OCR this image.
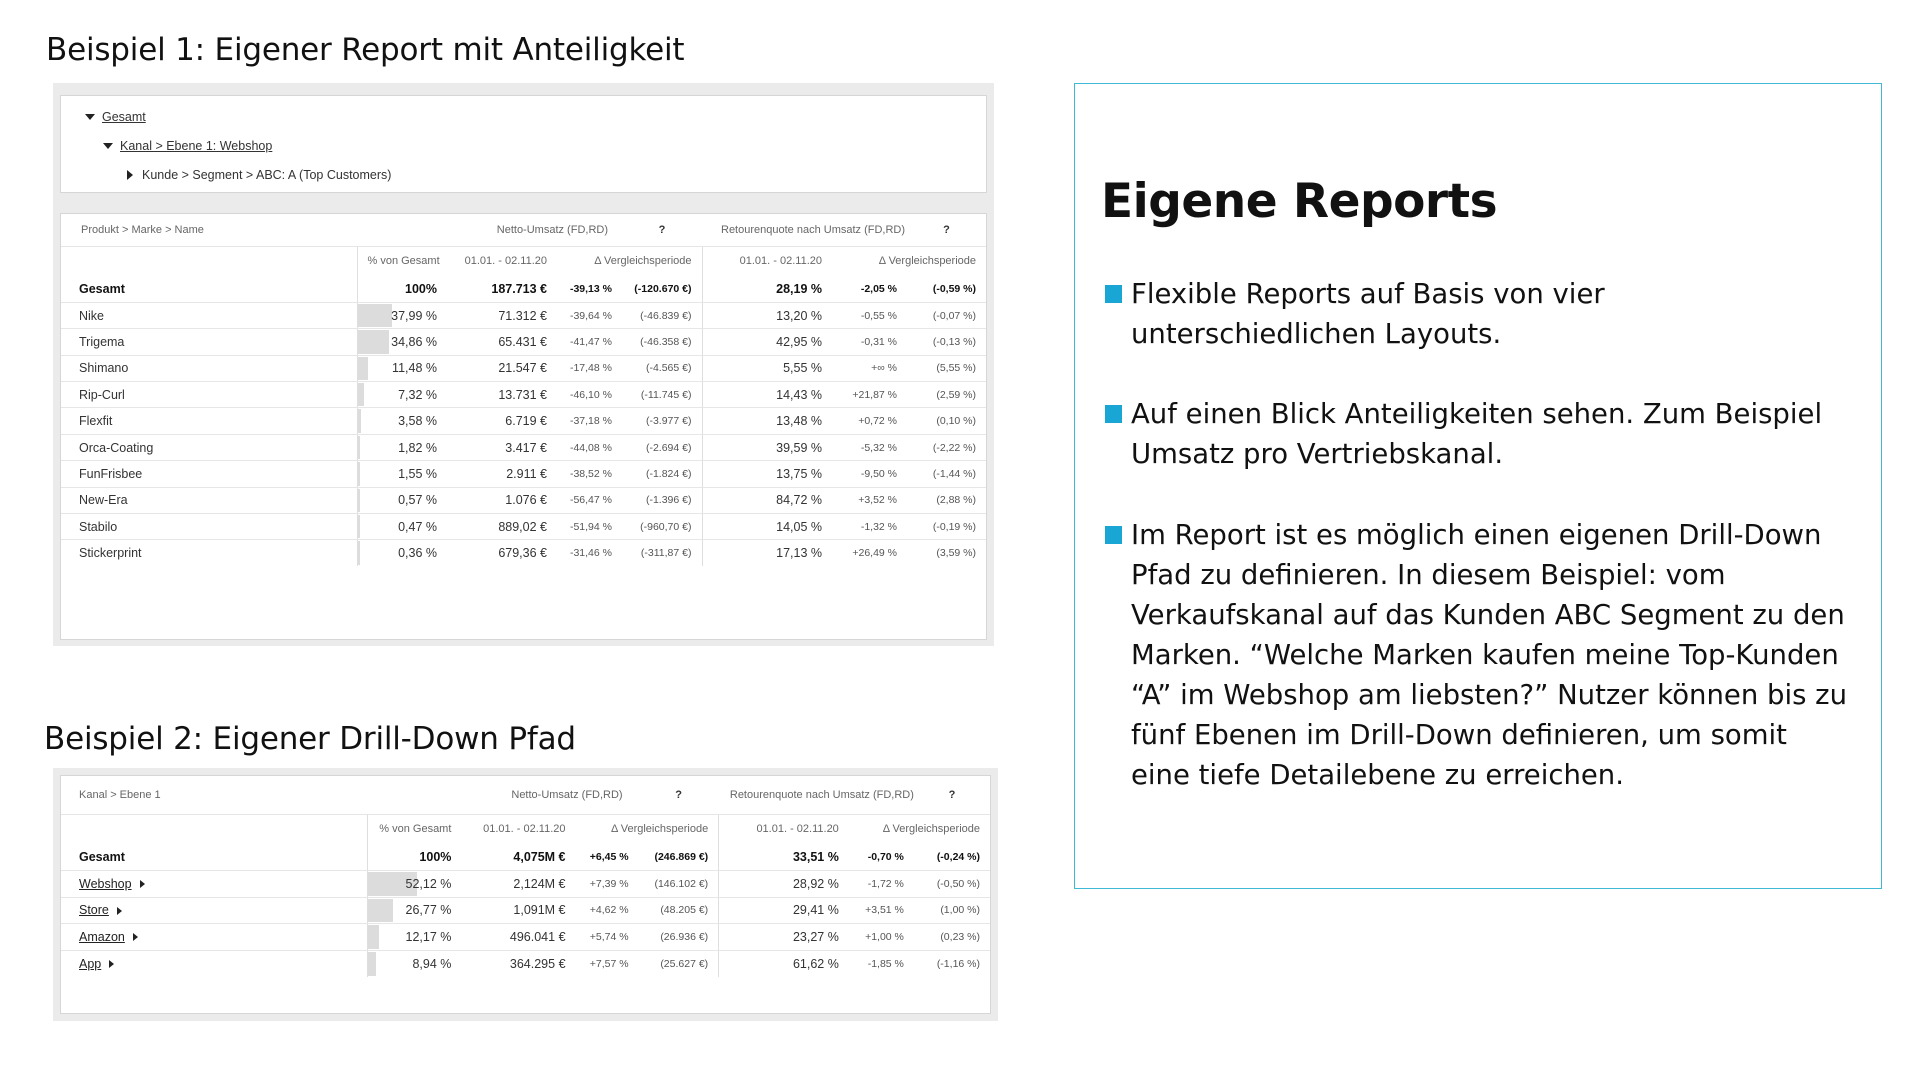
Beispiel 1: Eigener Report mit Anteiligkeit
Gesamt
Kanal > Ebene 1: Webshop
Kunde > Segment > ABC: A (Top Customers)
Produkt > Marke > Name	Netto-Umsatz (FD,RD)			?	Retourenquote nach Umsatz (FD,RD)		?
	% von Gesamt	01.01. - 02.11.20	Δ Vergleichsperiode		01.01. - 02.11.20	Δ Vergleichsperiode	
Gesamt	100%	187.713 €	-39,13 %	(-120.670 €)	28,19 %	-2,05 %	(-0,59 %)
Nike	37,99 %	71.312 €	-39,64 %	(-46.839 €)	13,20 %	-0,55 %	(-0,07 %)
Trigema	34,86 %	65.431 €	-41,47 %	(-46.358 €)	42,95 %	-0,31 %	(-0,13 %)
Shimano	11,48 %	21.547 €	-17,48 %	(-4.565 €)	5,55 %	+∞ %	(5,55 %)
Rip-Curl	7,32 %	13.731 €	-46,10 %	(-11.745 €)	14,43 %	+21,87 %	(2,59 %)
Flexfit	3,58 %	6.719 €	-37,18 %	(-3.977 €)	13,48 %	+0,72 %	(0,10 %)
Orca-Coating	1,82 %	3.417 €	-44,08 %	(-2.694 €)	39,59 %	-5,32 %	(-2,22 %)
FunFrisbee	1,55 %	2.911 €	-38,52 %	(-1.824 €)	13,75 %	-9,50 %	(-1,44 %)
New-Era	0,57 %	1.076 €	-56,47 %	(-1.396 €)	84,72 %	+3,52 %	(2,88 %)
Stabilo	0,47 %	889,02 €	-51,94 %	(-960,70 €)	14,05 %	-1,32 %	(-0,19 %)
Stickerprint	0,36 %	679,36 €	-31,46 %	(-311,87 €)	17,13 %	+26,49 %	(3,59 %)
Beispiel 2: Eigener Drill-Down Pfad
Kanal > Ebene 1	Netto-Umsatz (FD,RD)			?	Retourenquote nach Umsatz (FD,RD)		?
	% von Gesamt	01.01. - 02.11.20	Δ Vergleichsperiode		01.01. - 02.11.20	Δ Vergleichsperiode	
Gesamt	100%	4,075M €	+6,45 %	(246.869 €)	33,51 %	-0,70 %	(-0,24 %)
Webshop	52,12 %	2,124M €	+7,39 %	(146.102 €)	28,92 %	-1,72 %	(-0,50 %)
Store	26,77 %	1,091M €	+4,62 %	(48.205 €)	29,41 %	+3,51 %	(1,00 %)
Amazon	12,17 %	496.041 €	+5,74 %	(26.936 €)	23,27 %	+1,00 %	(0,23 %)
App	8,94 %	364.295 €	+7,57 %	(25.627 €)	61,62 %	-1,85 %	(-1,16 %)
Eigene Reports
Flexible Reports auf Basis von vier unterschiedlichen Layouts.
Auf einen Blick Anteiligkeiten sehen. Zum Beispiel Umsatz pro Vertriebskanal.
Im Report ist es möglich einen eigenen Drill-Down Pfad zu definieren. In diesem Beispiel: vom Verkaufskanal auf das Kunden ABC Segment zu den Marken. “Welche Marken kaufen meine Top-Kunden “A” im Webshop am liebsten?” Nutzer können bis zu fünf Ebenen im Drill-Down definieren, um somit eine tiefe Detailebene zu erreichen.
